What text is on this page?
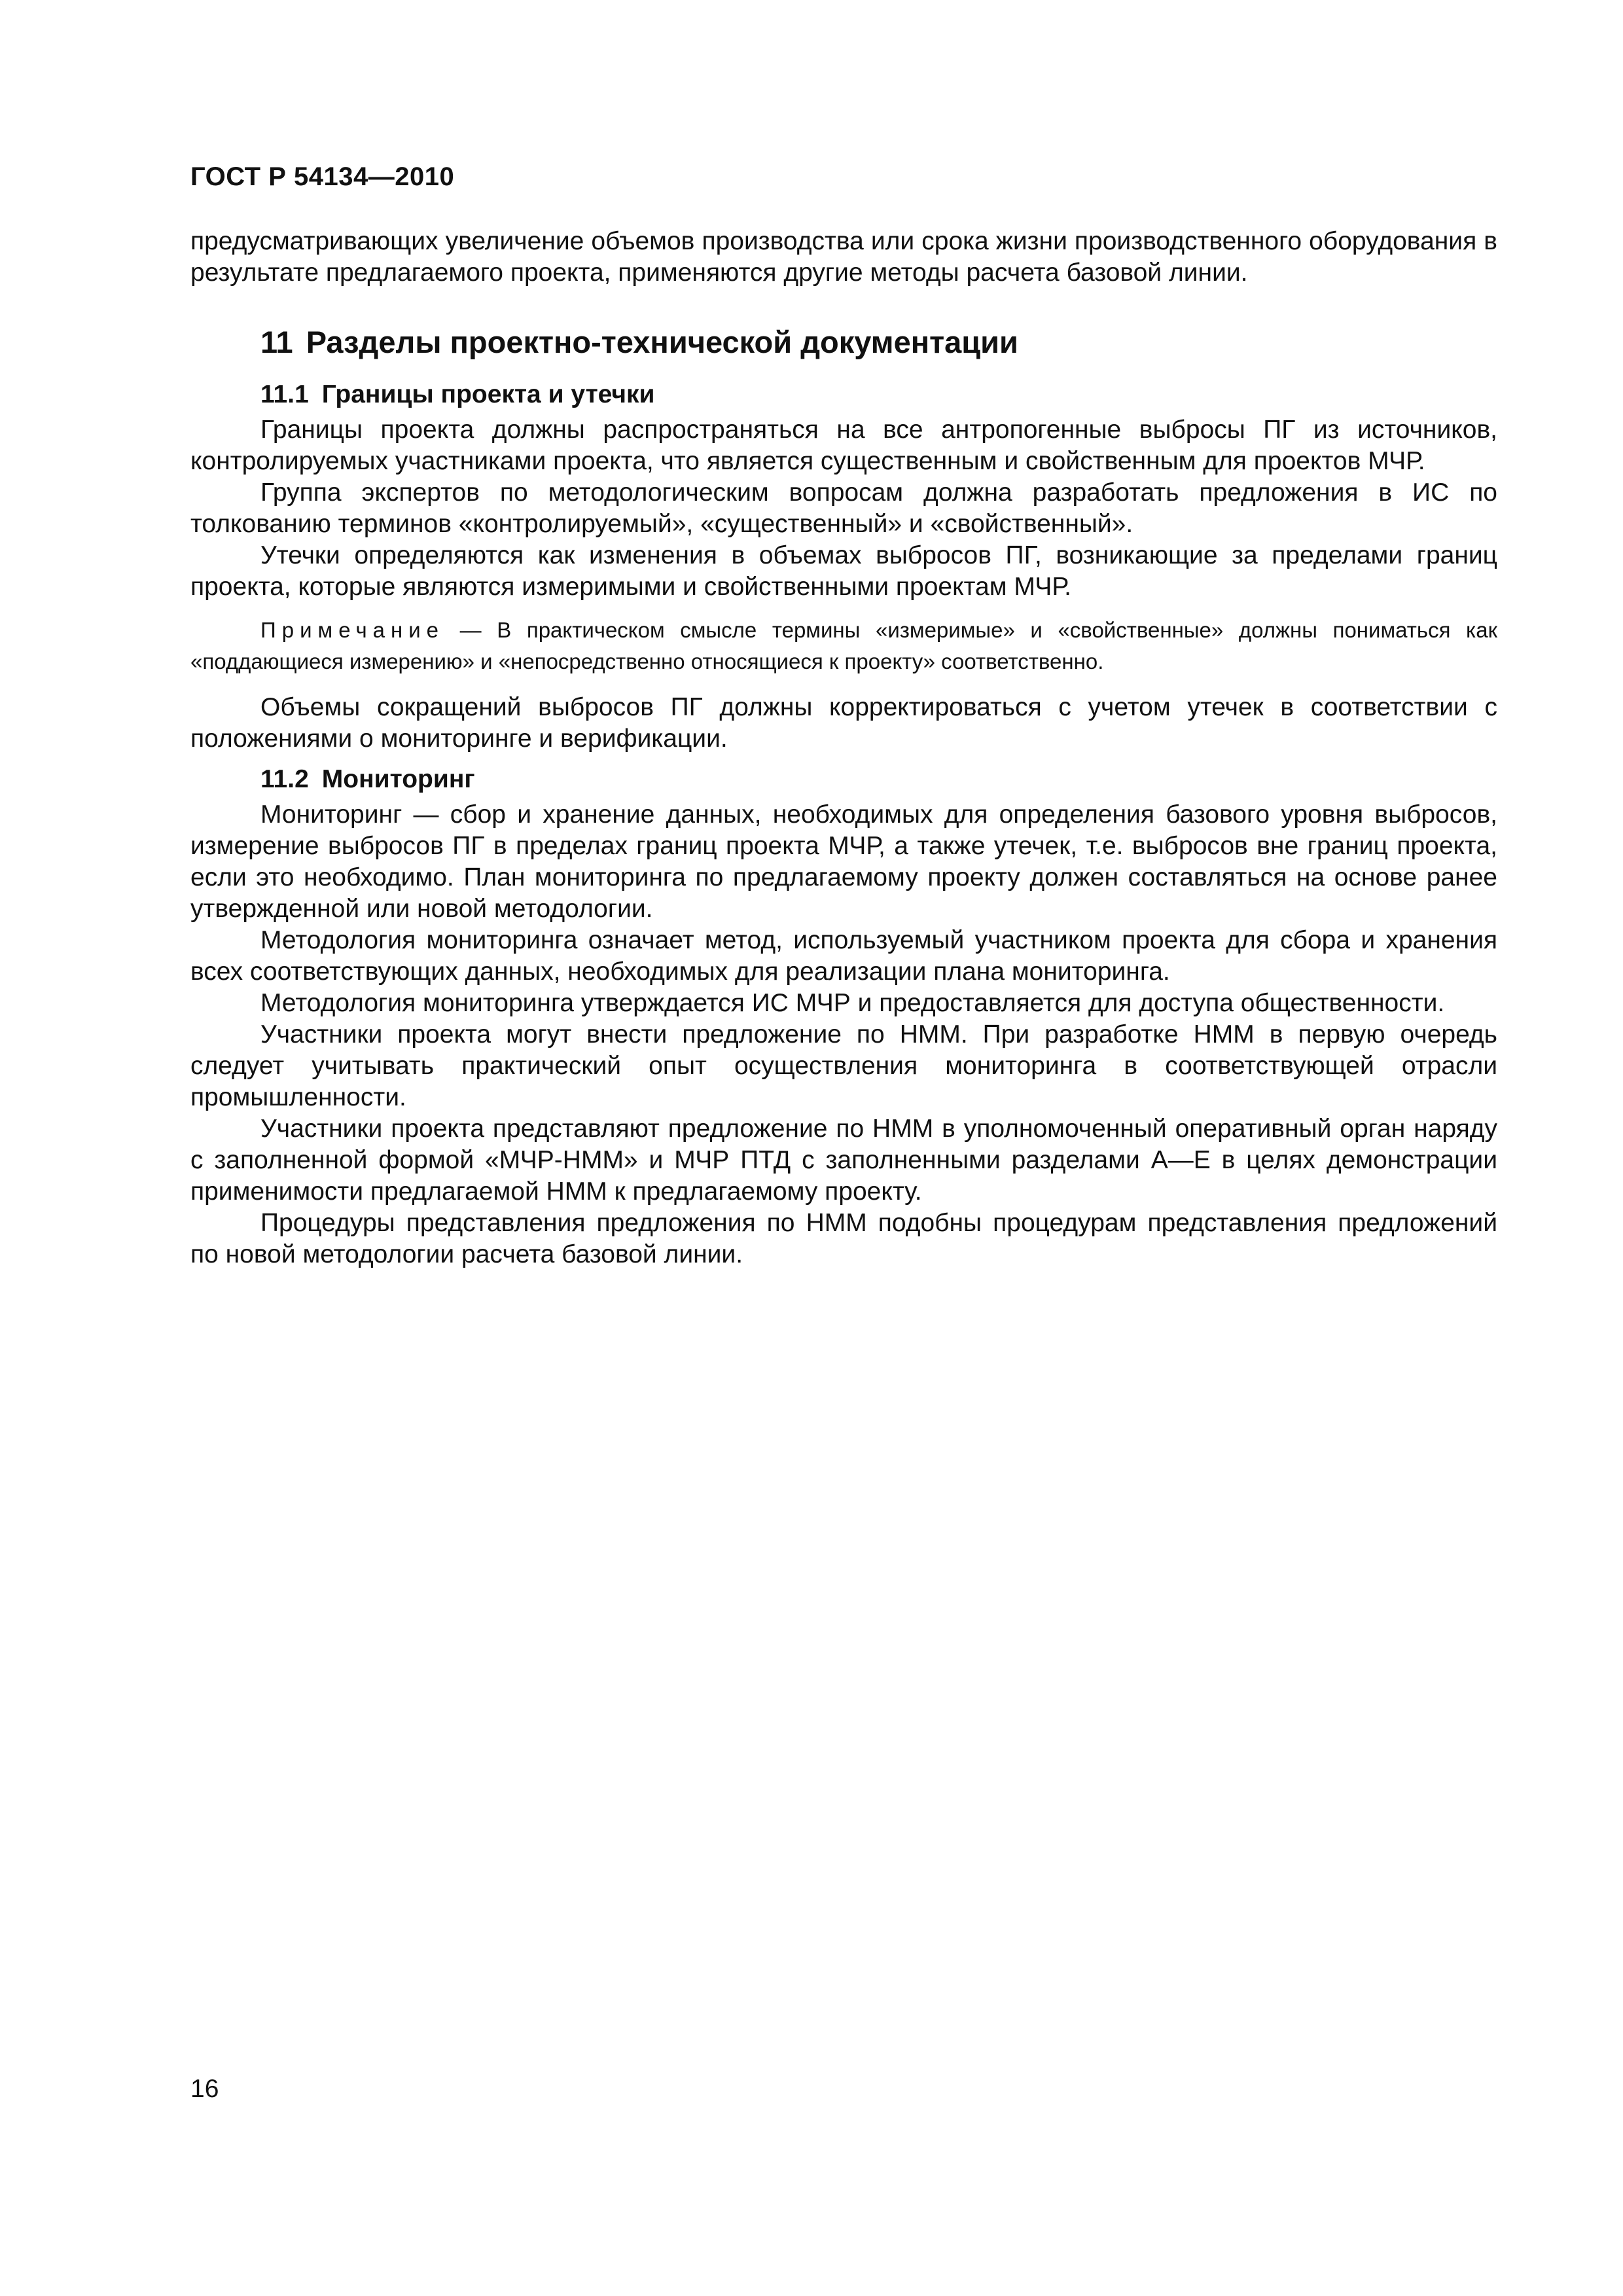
ГОСТ Р 54134—2010

предусматривающих увеличение объемов производства или срока жизни производственного оборудования в результате предлагаемого проекта, применяются другие методы расчета базовой линии.

11 Разделы проектно-технической документации
11.1 Границы проекта и утечки

Границы проекта должны распространяться на все антропогенные выбросы ПГ из источников, контролируемых участниками проекта, что является существенным и свойственным для проектов МЧР.

Группа экспертов по методологическим вопросам должна разработать предложения в ИС по толкованию терминов «контролируемый», «существенный» и «свойственный».

Утечки определяются как изменения в объемах выбросов ПГ, возникающие за пределами границ проекта, которые являются измеримыми и свойственными проектам МЧР.

Примечание — В практическом смысле термины «измеримые» и «свойственные» должны пониматься как «поддающиеся измерению» и «непосредственно относящиеся к проекту» соответственно.

Объемы сокращений выбросов ПГ должны корректироваться с учетом утечек в соответствии с положениями о мониторинге и верификации.

11.2 Мониторинг

Мониторинг — сбор и хранение данных, необходимых для определения базового уровня выбросов, измерение выбросов ПГ в пределах границ проекта МЧР, а также утечек, т.е. выбросов вне границ проекта, если это необходимо. План мониторинга по предлагаемому проекту должен составляться на основе ранее утвержденной или новой методологии.

Методология мониторинга означает метод, используемый участником проекта для сбора и хранения всех соответствующих данных, необходимых для реализации плана мониторинга.

Методология мониторинга утверждается ИС МЧР и предоставляется для доступа общественности.

Участники проекта могут внести предложение по НММ. При разработке НММ в первую очередь следует учитывать практический опыт осуществления мониторинга в соответствующей отрасли промышленности.

Участники проекта представляют предложение по НММ в уполномоченный оперативный орган наряду с заполненной формой «МЧР-НММ» и МЧР ПТД с заполненными разделами А—Е в целях демонстрации применимости предлагаемой НММ к предлагаемому проекту.

Процедуры представления предложения по НММ подобны процедурам представления предложений по новой методологии расчета базовой линии.

16
